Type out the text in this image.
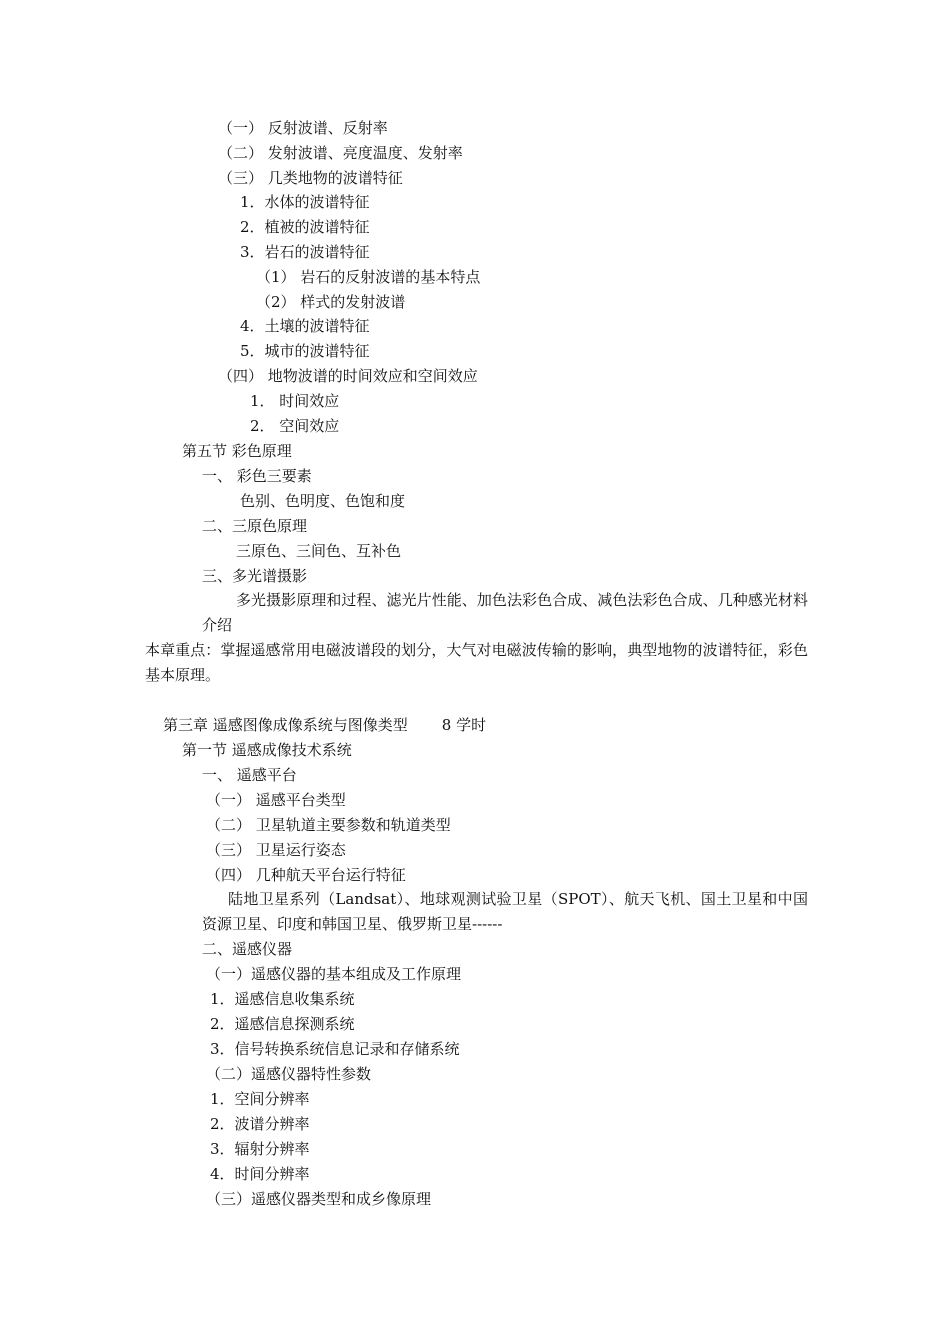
（一） 反射波谱、反射率
（二） 发射波谱、亮度温度、发射率
（三） 几类地物的波谱特征
1．水体的波谱特征
2．植被的波谱特征
3．岩石的波谱特征
（1） 岩石的反射波谱的基本特点
（2） 样式的发射波谱
4．土壤的波谱特征
5．城市的波谱特征
（四） 地物波谱的时间效应和空间效应
1． 时间效应
2． 空间效应
第五节 彩色原理
一、 彩色三要素
色别、色明度、色饱和度
二、三原色原理
三原色、三间色、互补色
三、多光谱摄影
多光摄影原理和过程、滤光片性能、加色法彩色合成、减色法彩色合成、几种感光材料介绍
本章重点：掌握遥感常用电磁波谱段的划分，大气对电磁波传输的影响，典型地物的波谱特征，彩色基本原理。
第三章 遥感图像成像系统与图像类型 8 学时
第一节 遥感成像技术系统
一、 遥感平台
（一） 遥感平台类型
（二） 卫星轨道主要参数和轨道类型
（三） 卫星运行姿态
（四） 几种航天平台运行特征
陆地卫星系列（Landsat）、地球观测试验卫星（SPOT）、航天飞机、国土卫星和中国资源卫星、印度和韩国卫星、俄罗斯卫星------
二、遥感仪器
（一）遥感仪器的基本组成及工作原理
1．遥感信息收集系统
2．遥感信息探测系统
3．信号转换系统信息记录和存储系统
（二）遥感仪器特性参数
1．空间分辨率
2．波谱分辨率
3．辐射分辨率
4．时间分辨率
（三）遥感仪器类型和成乡像原理
